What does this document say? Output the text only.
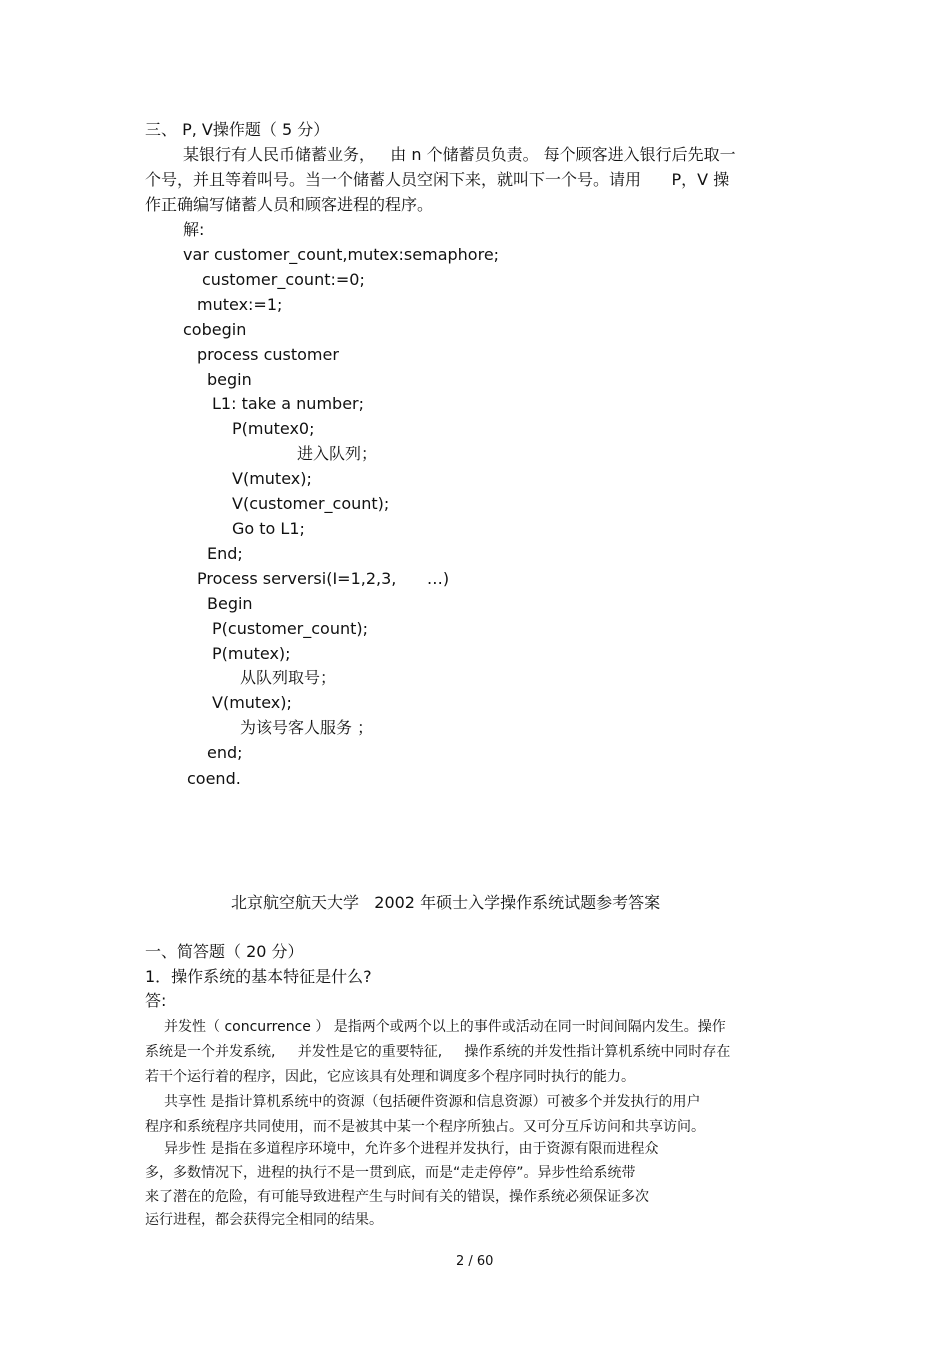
三、 P, V操作题（ 5 分）
某银行有人民币储蓄业务，   由 n 个储蓄员负责。 每个顾客进入银行后先取一
个号，并且等着叫号。当一个储蓄人员空闲下来，就叫下一个号。请用      P，V 操
作正确编写储蓄人员和顾客进程的程序。
解:
var customer_count,mutex:semaphore;
customer_count:=0;
mutex:=1;
cobegin
process customer
begin
L1: take a number;
P(mutex0;
进入队列；
V(mutex);
V(customer_count);
Go to L1;
End;
Process serversi(I=1,2,3,      …)
Begin
P(customer_count);
P(mutex);
从队列取号；
V(mutex);
为该号客人服务 ；
end;
coend.
北京航空航天大学   2002 年硕士入学操作系统试题参考答案
一、简答题（ 20 分）
1．操作系统的基本特征是什么?
答:
并发性（ concurrence ） 是指两个或两个以上的事件或活动在同一时间间隔内发生。操作
系统是一个并发系统,     并发性是它的重要特征,     操作系统的并发性指计算机系统中同时存在
若干个运行着的程序，因此，它应该具有处理和调度多个程序同时执行的能力。
共享性 是指计算机系统中的资源（包括硬件资源和信息资源）可被多个并发执行的用户
程序和系统程序共同使用，而不是被其中某一个程序所独占。又可分互斥访问和共享访问。
异步性 是指在多道程序环境中，允许多个进程并发执行，由于资源有限而进程众
多，多数情况下，进程的执行不是一贯到底，而是“走走停停”。异步性给系统带
来了潜在的危险，有可能导致进程产生与时间有关的错误，操作系统必须保证多次
运行进程，都会获得完全相同的结果。
2 / 60
